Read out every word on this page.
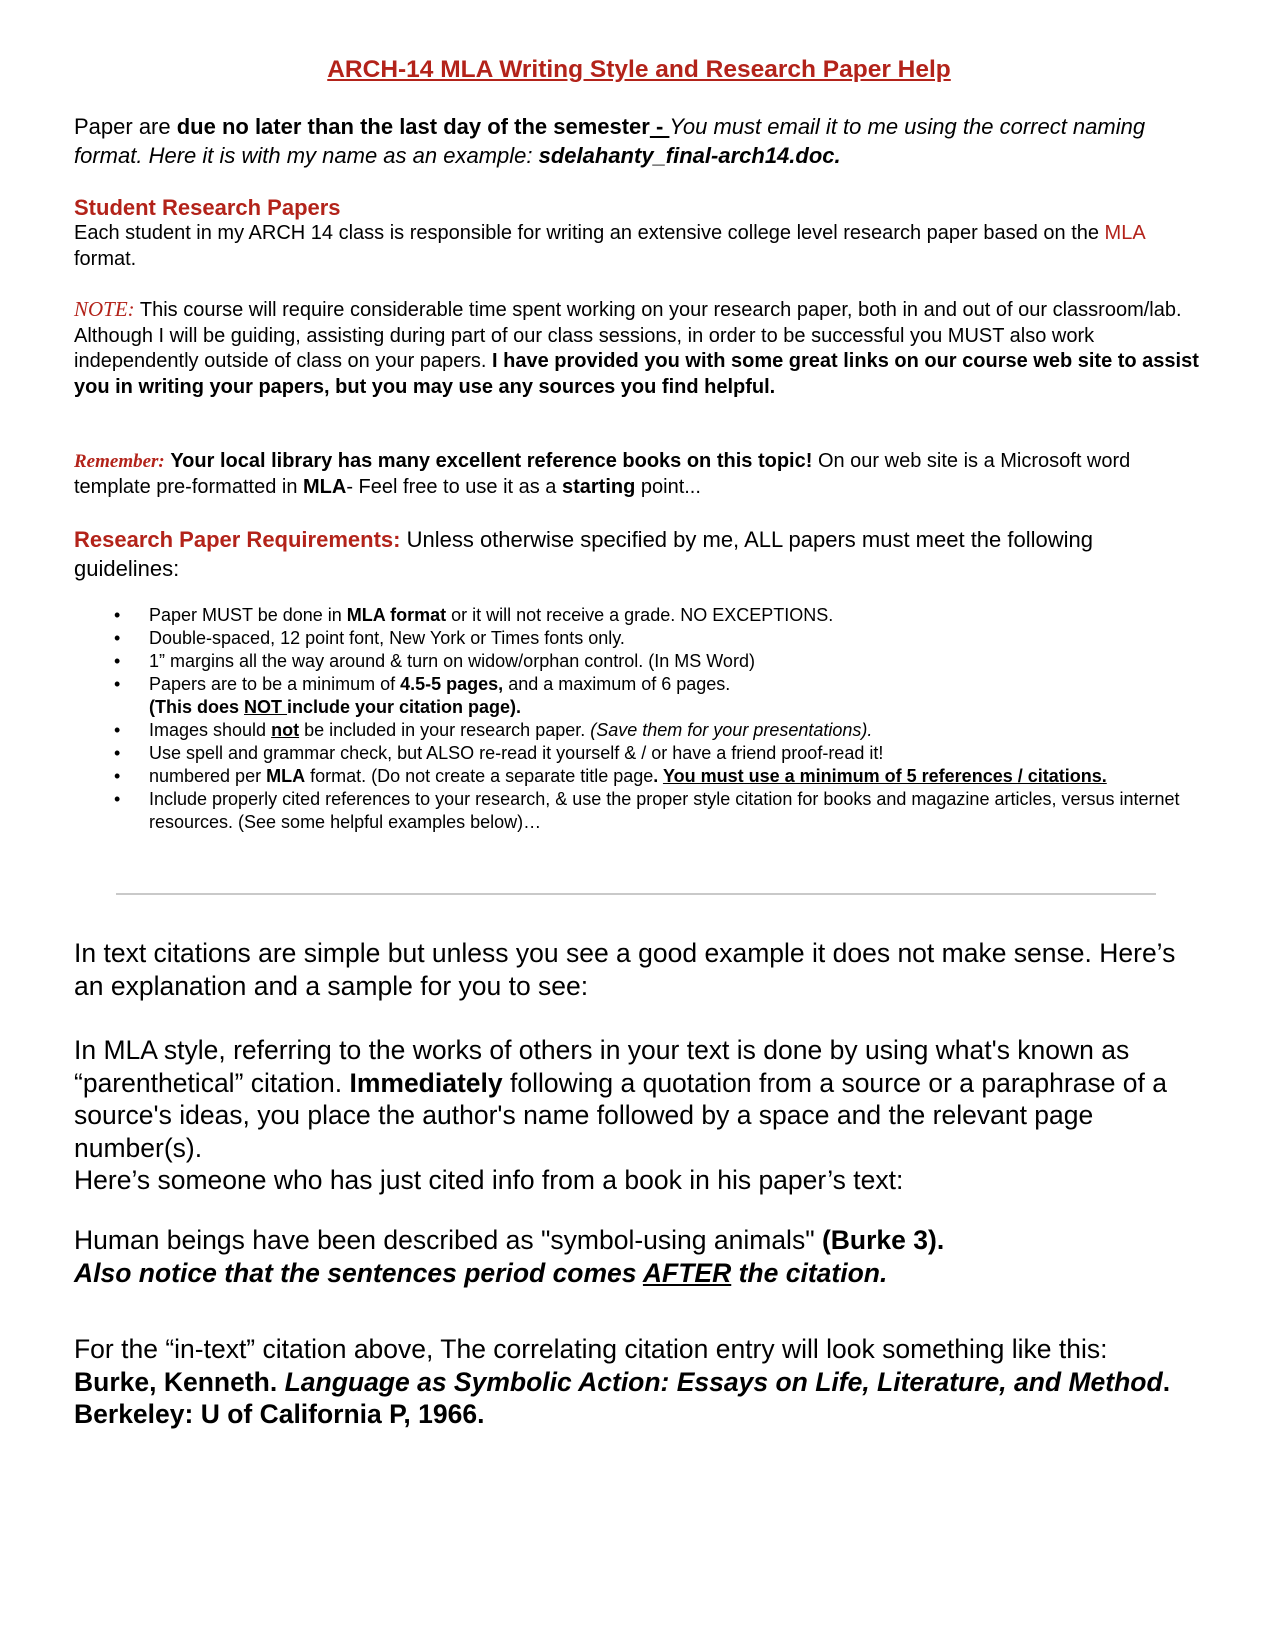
ARCH-14 MLA Writing Style and Research Paper Help
Paper are due no later than the last day of the semester - You must email it to me using the correct naming format. Here it is with my name as an example: sdelahanty_final-arch14.doc.
Student Research Papers
Each student in my ARCH 14 class is responsible for writing an extensive college level research paper based on the MLA format.
NOTE: This course will require considerable time spent working on your research paper, both in and out of our classroom/lab. Although I will be guiding, assisting during part of our class sessions, in order to be successful you MUST also work independently outside of class on your papers. I have provided you with some great links on our course web site to assist you in writing your papers, but you may use any sources you find helpful.
Remember: Your local library has many excellent reference books on this topic! On our web site is a Microsoft word template pre-formatted in MLA- Feel free to use it as a starting point...
Research Paper Requirements: Unless otherwise specified by me, ALL papers must meet the following guidelines:
• Paper MUST be done in MLA format or it will not receive a grade. NO EXCEPTIONS.
• Double-spaced, 12 point font, New York or Times fonts only.
• 1” margins all the way around & turn on widow/orphan control. (In MS Word)
• Papers are to be a minimum of 4.5-5 pages, and a maximum of 6 pages.
(This does NOT include your citation page).
• Images should not be included in your research paper. (Save them for your presentations).
• Use spell and grammar check, but ALSO re-read it yourself & / or have a friend proof-read it!
• numbered per MLA format. (Do not create a separate title page. You must use a minimum of 5 references / citations.
• Include properly cited references to your research, & use the proper style citation for books and magazine articles, versus internet resources. (See some helpful examples below)…
In text citations are simple but unless you see a good example it does not make sense. Here’s an explanation and a sample for you to see:
In MLA style, referring to the works of others in your text is done by using what's known as “parenthetical” citation. Immediately following a quotation from a source or a paraphrase of a source's ideas, you place the author's name followed by a space and the relevant page number(s).
Here’s someone who has just cited info from a book in his paper’s text:
Human beings have been described as "symbol-using animals" (Burke 3).
Also notice that the sentences period comes AFTER the citation.
For the “in-text” citation above, The correlating citation entry will look something like this:
Burke, Kenneth. Language as Symbolic Action: Essays on Life, Literature, and Method. Berkeley: U of California P, 1966.
